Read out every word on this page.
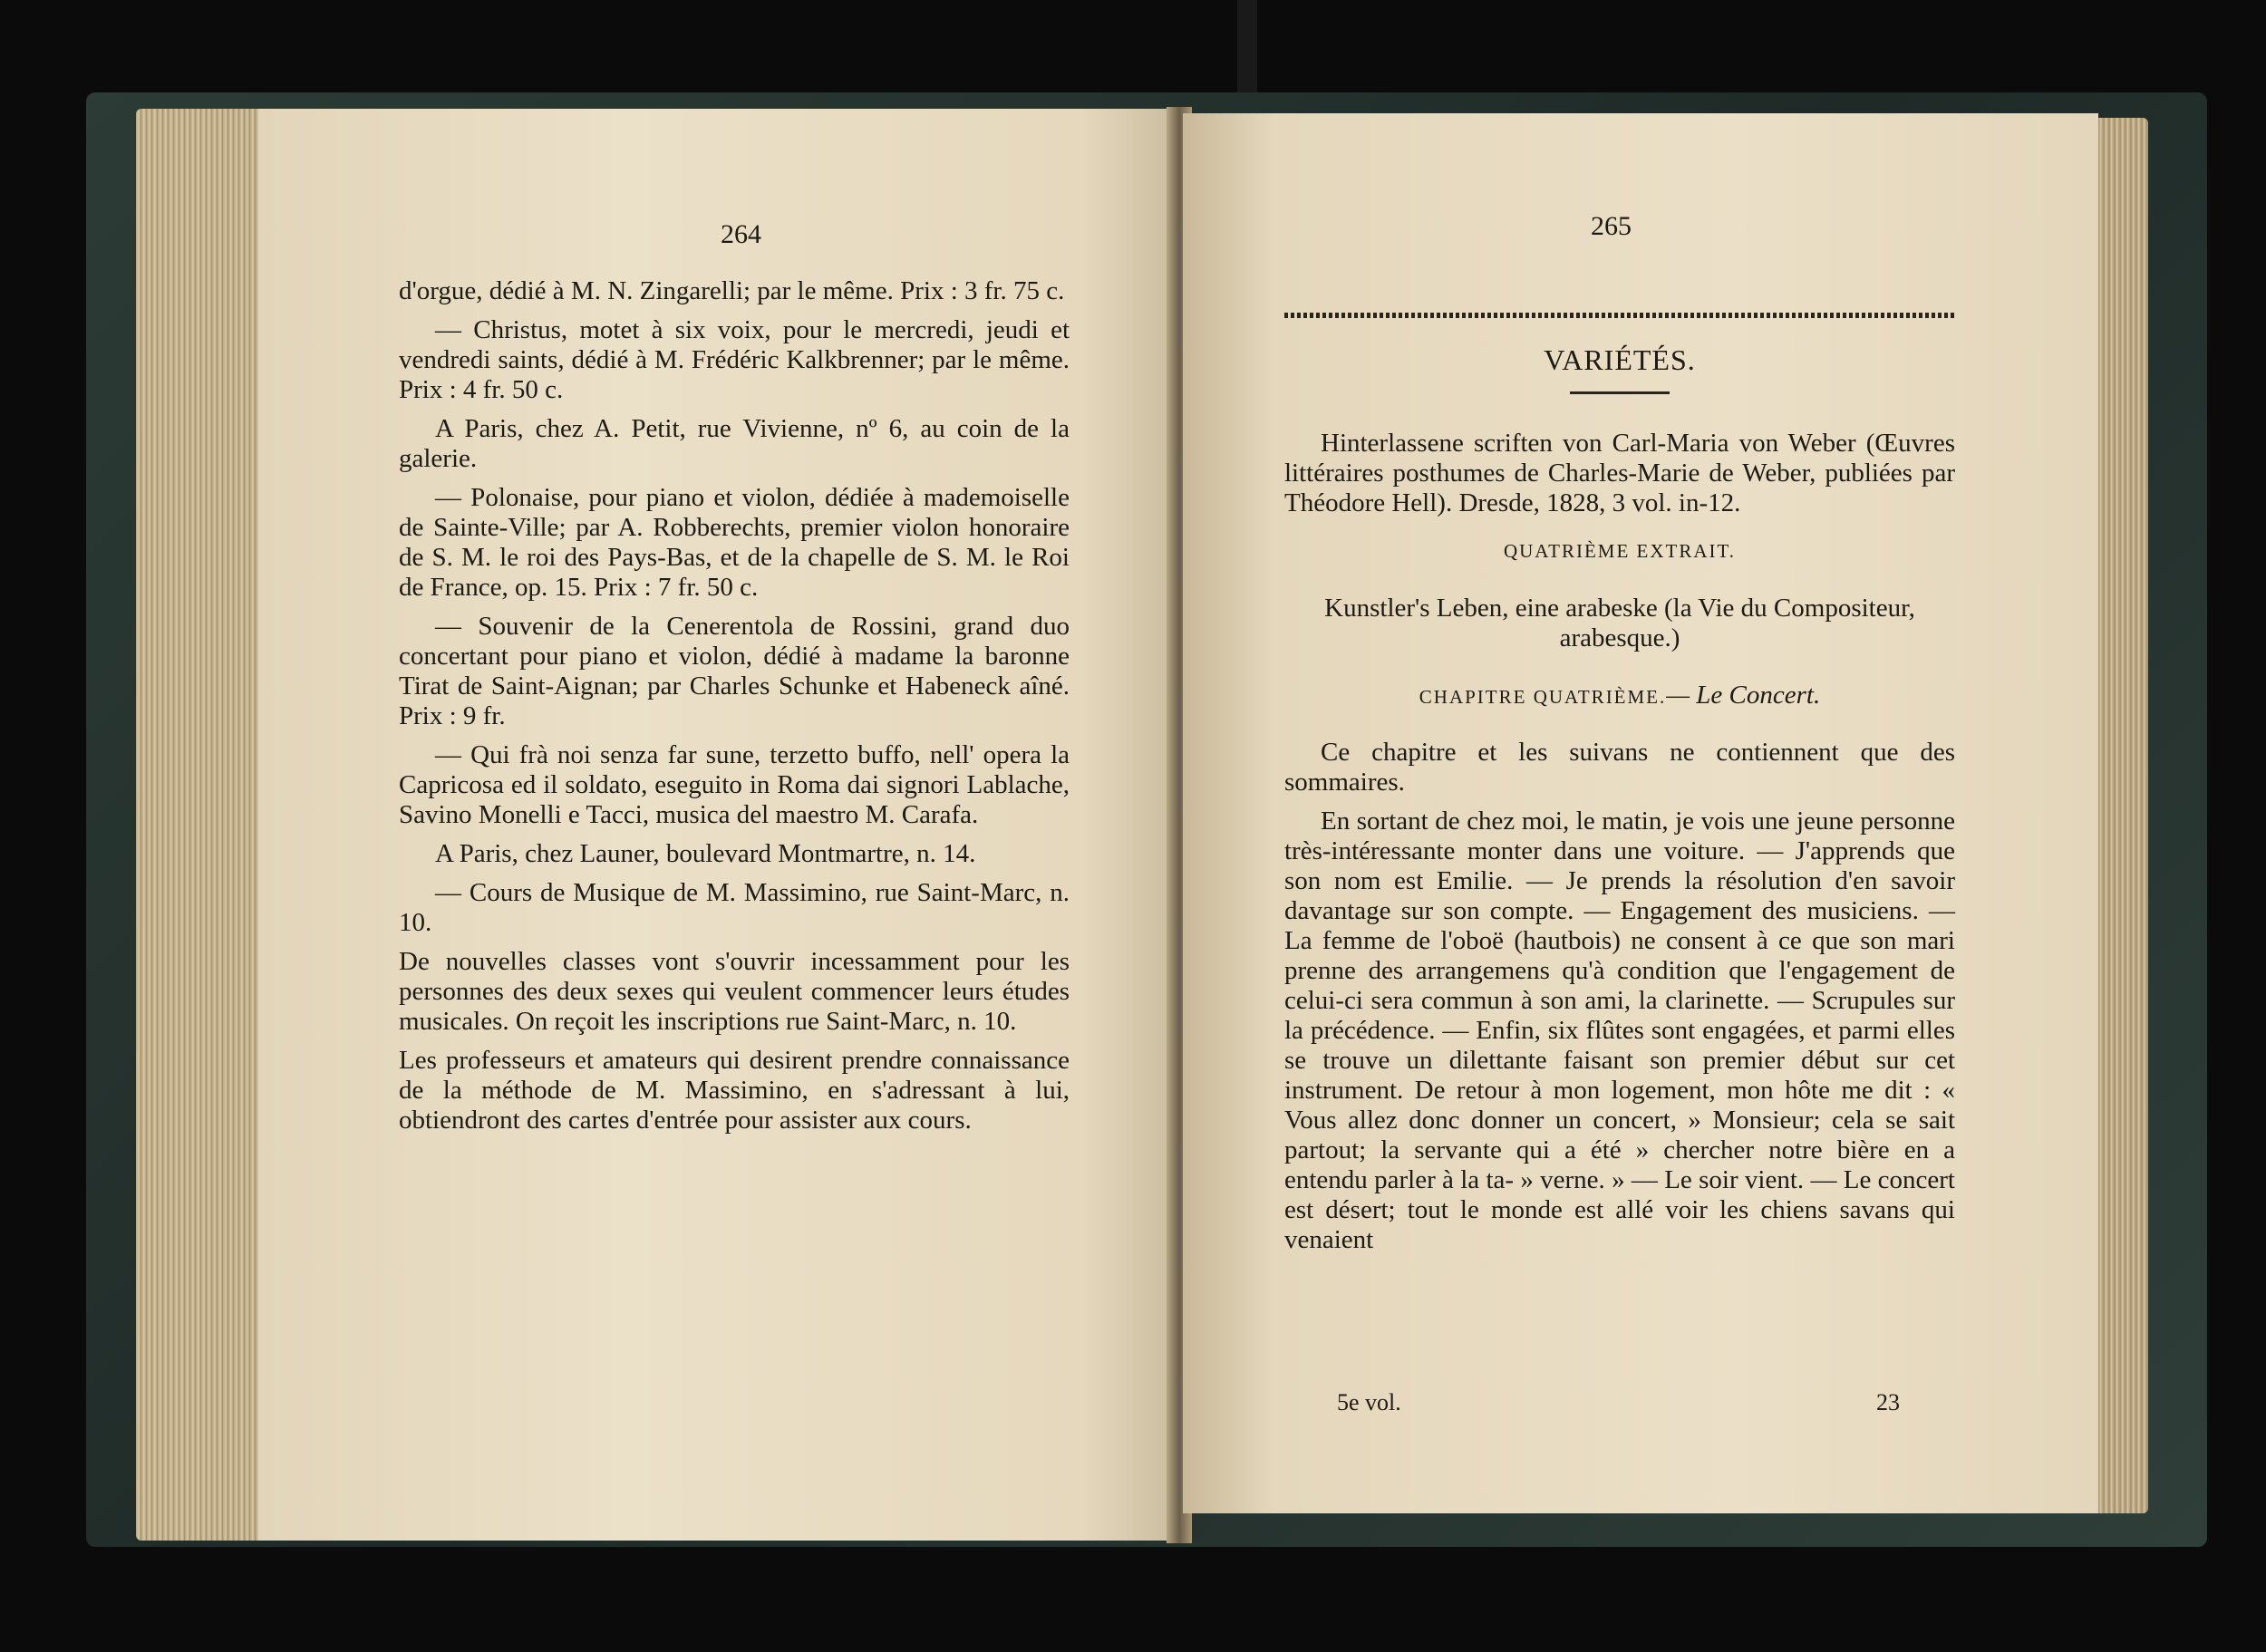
264

d'orgue, dédié à M. N. Zingarelli; par le même. Prix : 3 fr. 75 c.

— Christus, motet à six voix, pour le mercredi, jeudi et vendredi saints, dédié à M. Frédéric Kalkbrenner; par le même. Prix : 4 fr. 50 c.

A Paris, chez A. Petit, rue Vivienne, nº 6, au coin de la galerie.

— Polonaise, pour piano et violon, dédiée à mademoiselle de Sainte-Ville; par A. Robberechts, premier violon honoraire de S. M. le roi des Pays-Bas, et de la chapelle de S. M. le Roi de France, op. 15. Prix : 7 fr. 50 c.

— Souvenir de la Cenerentola de Rossini, grand duo concertant pour piano et violon, dédié à madame la baronne Tirat de Saint-Aignan; par Charles Schunke et Habeneck aîné. Prix : 9 fr.

— Qui frà noi senza far sune, terzetto buffo, nell' opera la Capricosa ed il soldato, eseguito in Roma dai signori Lablache, Savino Monelli e Tacci, musica del maestro M. Carafa.

A Paris, chez Launer, boulevard Montmartre, n. 14.

— Cours de Musique de M. Massimino, rue Saint-Marc, n. 10.

De nouvelles classes vont s'ouvrir incessamment pour les personnes des deux sexes qui veulent commencer leurs études musicales. On reçoit les inscriptions rue Saint-Marc, n. 10.

Les professeurs et amateurs qui desirent prendre connaissance de la méthode de M. Massimino, en s'adressant à lui, obtiendront des cartes d'entrée pour assister aux cours.

265
VARIÉTÉS.

Hinterlassene scriften von Carl-Maria von Weber (Œuvres littéraires posthumes de Charles-Marie de Weber, publiées par Théodore Hell). Dresde, 1828, 3 vol. in-12.

QUATRIÈME EXTRAIT.

Kunstler's Leben, eine arabeske (la Vie du Compositeur, arabesque.)

CHAPITRE QUATRIÈME.— Le Concert.

Ce chapitre et les suivans ne contiennent que des sommaires.

En sortant de chez moi, le matin, je vois une jeune personne très-intéressante monter dans une voiture. — J'apprends que son nom est Emilie. — Je prends la résolution d'en savoir davantage sur son compte. — Engagement des musiciens. — La femme de l'oboë (hautbois) ne consent à ce que son mari prenne des arrangemens qu'à condition que l'engagement de celui-ci sera commun à son ami, la clarinette. — Scrupules sur la précédence. — Enfin, six flûtes sont engagées, et parmi elles se trouve un dilettante faisant son premier début sur cet instrument. De retour à mon logement, mon hôte me dit : « Vous allez donc donner un concert, » Monsieur; cela se sait partout; la servante qui a été » chercher notre bière en a entendu parler à la ta- » verne. » — Le soir vient. — Le concert est désert; tout le monde est allé voir les chiens savans qui venaient

5e vol.	23
